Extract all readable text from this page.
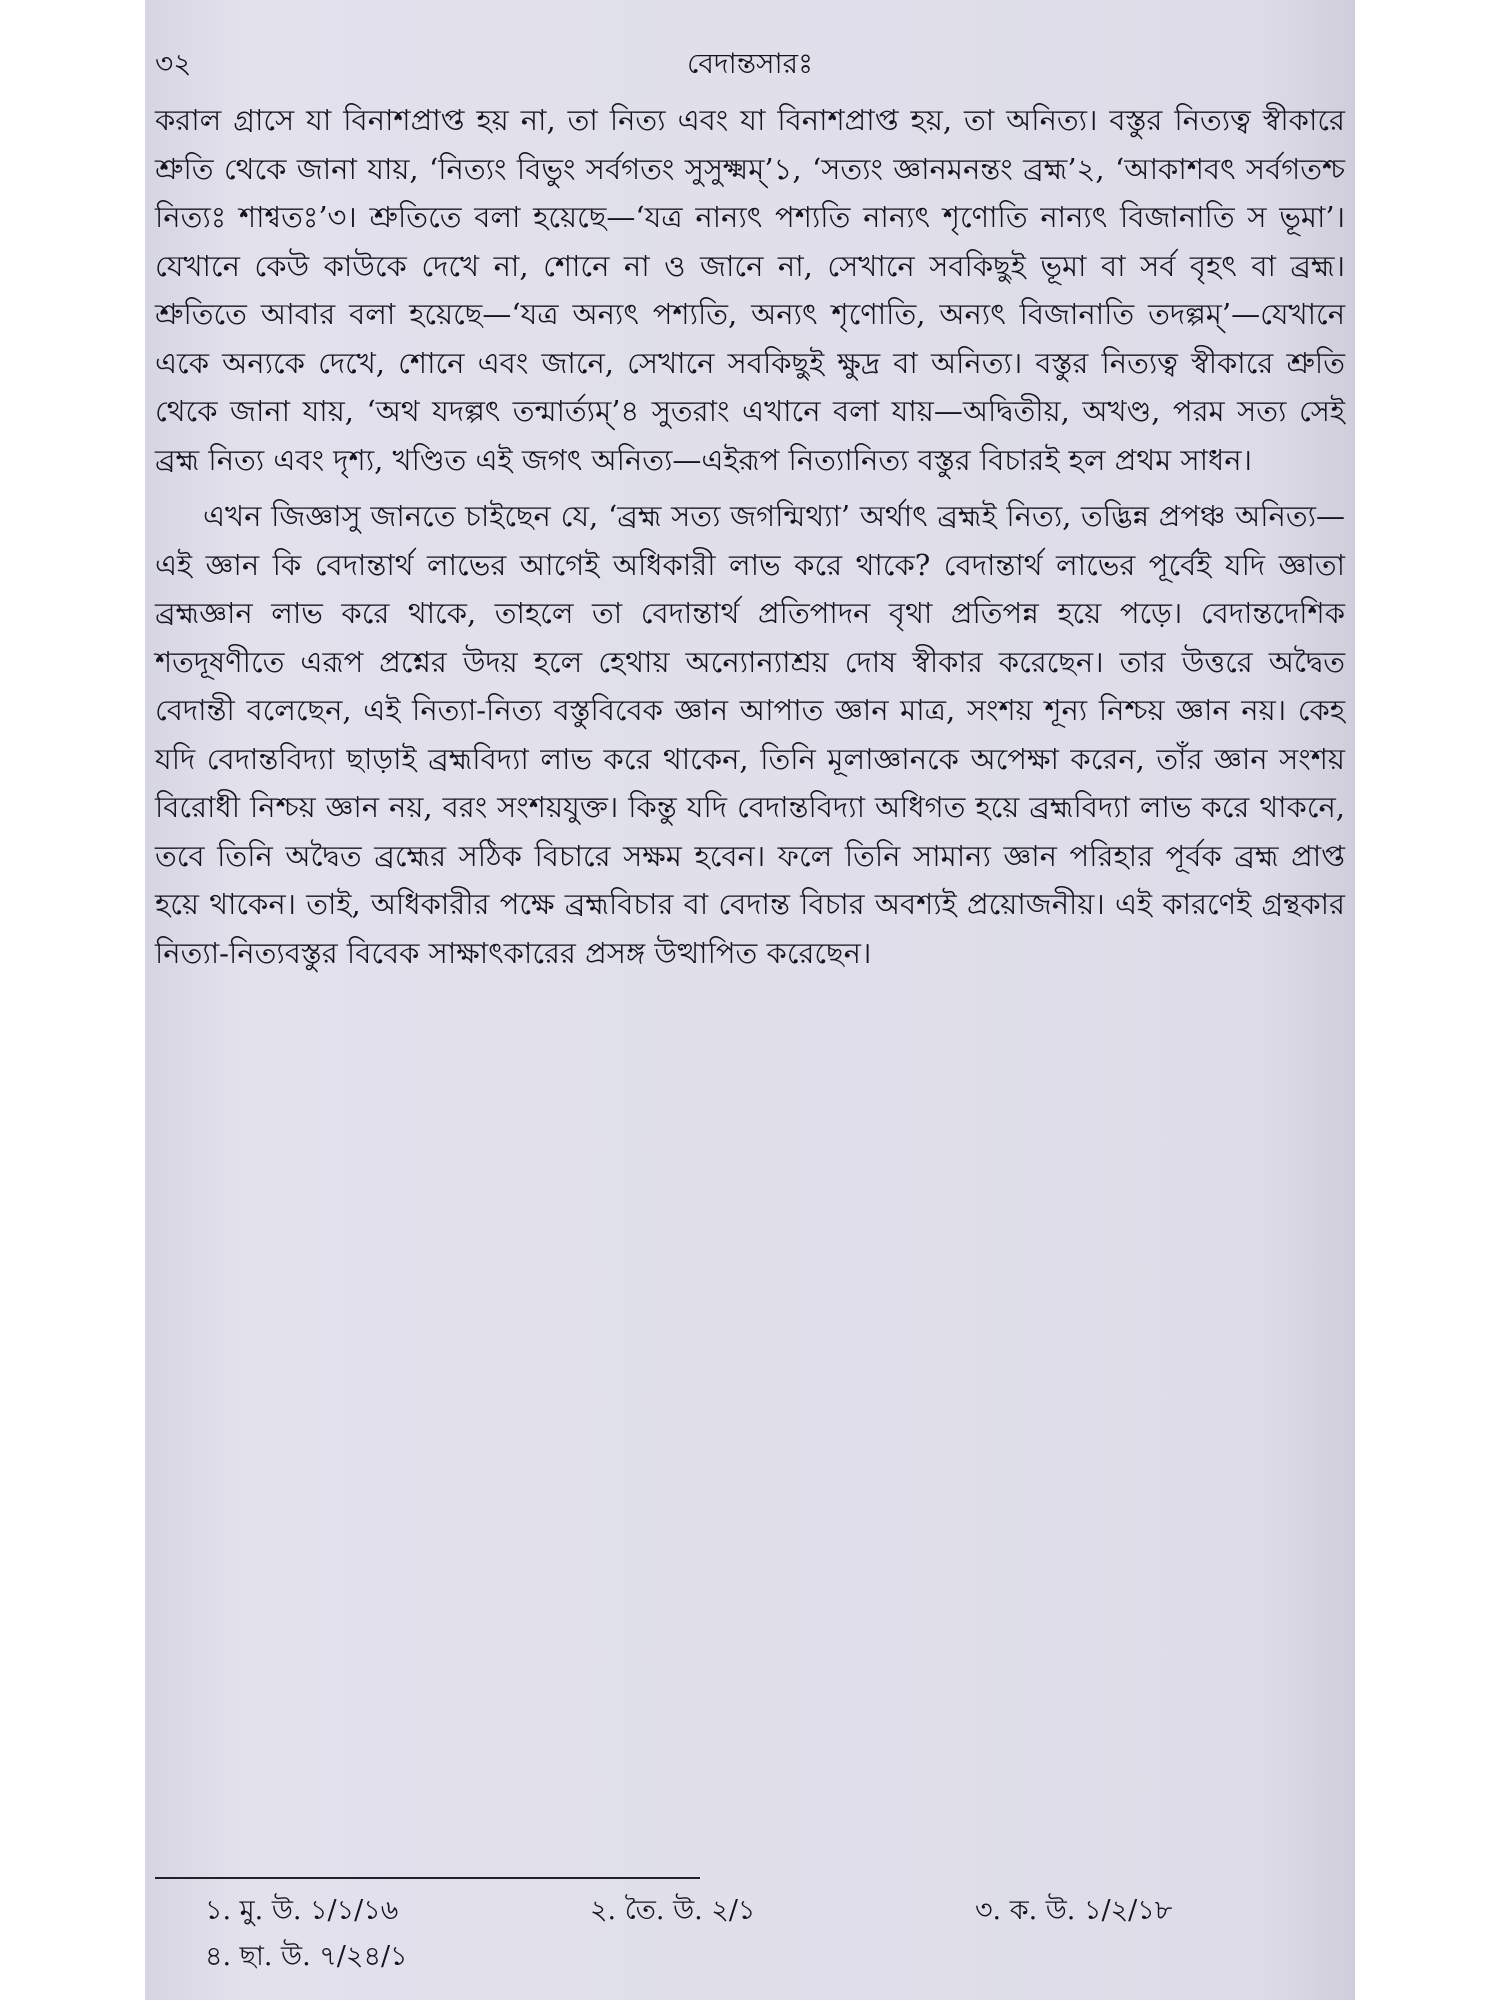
৩২	বেদান্তসারঃ

করাল গ্রাসে যা বিনাশপ্রাপ্ত হয় না, তা নিত্য এবং যা বিনাশপ্রাপ্ত হয়, তা অনিত্য। বস্তুর নিত্যত্ব স্বীকারে শ্রুতি থেকে জানা যায়, ‘নিত্যং বিভুং সর্বগতং সুসুক্ষ্মম্’১, ‘সত্যং জ্ঞানমনন্তং ব্রহ্ম’২, ‘আকাশবৎ সর্বগতশ্চ নিত্যঃ শাশ্বতঃ’৩। শ্রুতিতে বলা হয়েছে—‘যত্র নান্যৎ পশ্যতি নান্যৎ শৃণোতি নান্যৎ বিজানাতি স ভূমা’। যেখানে কেউ কাউকে দেখে না, শোনে না ও জানে না, সেখানে সবকিছুই ভূমা বা সর্ব বৃহৎ বা ব্রহ্ম। শ্রুতিতে আবার বলা হয়েছে—‘যত্র অন্যৎ পশ্যতি, অন্যৎ শৃণোতি, অন্যৎ বিজানাতি তদল্পম্’—যেখানে একে অন্যকে দেখে, শোনে এবং জানে, সেখানে সবকিছুই ক্ষুদ্র বা অনিত্য। বস্তুর নিত্যত্ব স্বীকারে শ্রুতি থেকে জানা যায়, ‘অথ যদল্পৎ তন্মার্ত্যম্’৪ সুতরাং এখানে বলা যায়—অদ্বিতীয়, অখণ্ড, পরম সত্য সেই ব্রহ্ম নিত্য এবং দৃশ্য, খণ্ডিত এই জগৎ অনিত্য—এইরূপ নিত্যানিত্য বস্তুর বিচারই হল প্রথম সাধন।

এখন জিজ্ঞাসু জানতে চাইছেন যে, ‘ব্রহ্ম সত্য জগন্মিথ্যা’ অর্থাৎ ব্রহ্মই নিত্য, তদ্ভিন্ন প্রপঞ্চ অনিত্য—এই জ্ঞান কি বেদান্তার্থ লাভের আগেই অধিকারী লাভ করে থাকে? বেদান্তার্থ লাভের পূর্বেই যদি জ্ঞাতা ব্রহ্মজ্ঞান লাভ করে থাকে, তাহলে তা বেদান্তার্থ প্রতিপাদন বৃথা প্রতিপন্ন হয়ে পড়ে। বেদান্তদেশিক শতদূষণীতে এরূপ প্রশ্নের উদয় হলে হেথায় অন্যোন্যাশ্রয় দোষ স্বীকার করেছেন। তার উত্তরে অদ্বৈত বেদান্তী বলেছেন, এই নিত্যা-নিত্য বস্তুবিবেক জ্ঞান আপাত জ্ঞান মাত্র, সংশয় শূন্য নিশ্চয় জ্ঞান নয়। কেহ যদি বেদান্তবিদ্যা ছাড়াই ব্রহ্মবিদ্যা লাভ করে থাকেন, তিনি মূলাজ্ঞানকে অপেক্ষা করেন, তাঁর জ্ঞান সংশয় বিরোধী নিশ্চয় জ্ঞান নয়, বরং সংশয়যুক্ত। কিন্তু যদি বেদান্তবিদ্যা অধিগত হয়ে ব্রহ্মবিদ্যা লাভ করে থাকনে, তবে তিনি অদ্বৈত ব্রহ্মের সঠিক বিচারে সক্ষম হবেন। ফলে তিনি সামান্য জ্ঞান পরিহার পূর্বক ব্রহ্ম প্রাপ্ত হয়ে থাকেন। তাই, অধিকারীর পক্ষে ব্রহ্মবিচার বা বেদান্ত বিচার অবশ্যই প্রয়োজনীয়। এই কারণেই গ্রন্থকার নিত্যা-নিত্যবস্তুর বিবেক সাক্ষাৎকারের প্রসঙ্গ উত্থাপিত করেছেন।

১. মু. উ. ১/১/১৬	২. তৈ. উ. ২/১	৩. ক. উ. ১/২/১৮
৪. ছা. উ. ৭/২৪/১
